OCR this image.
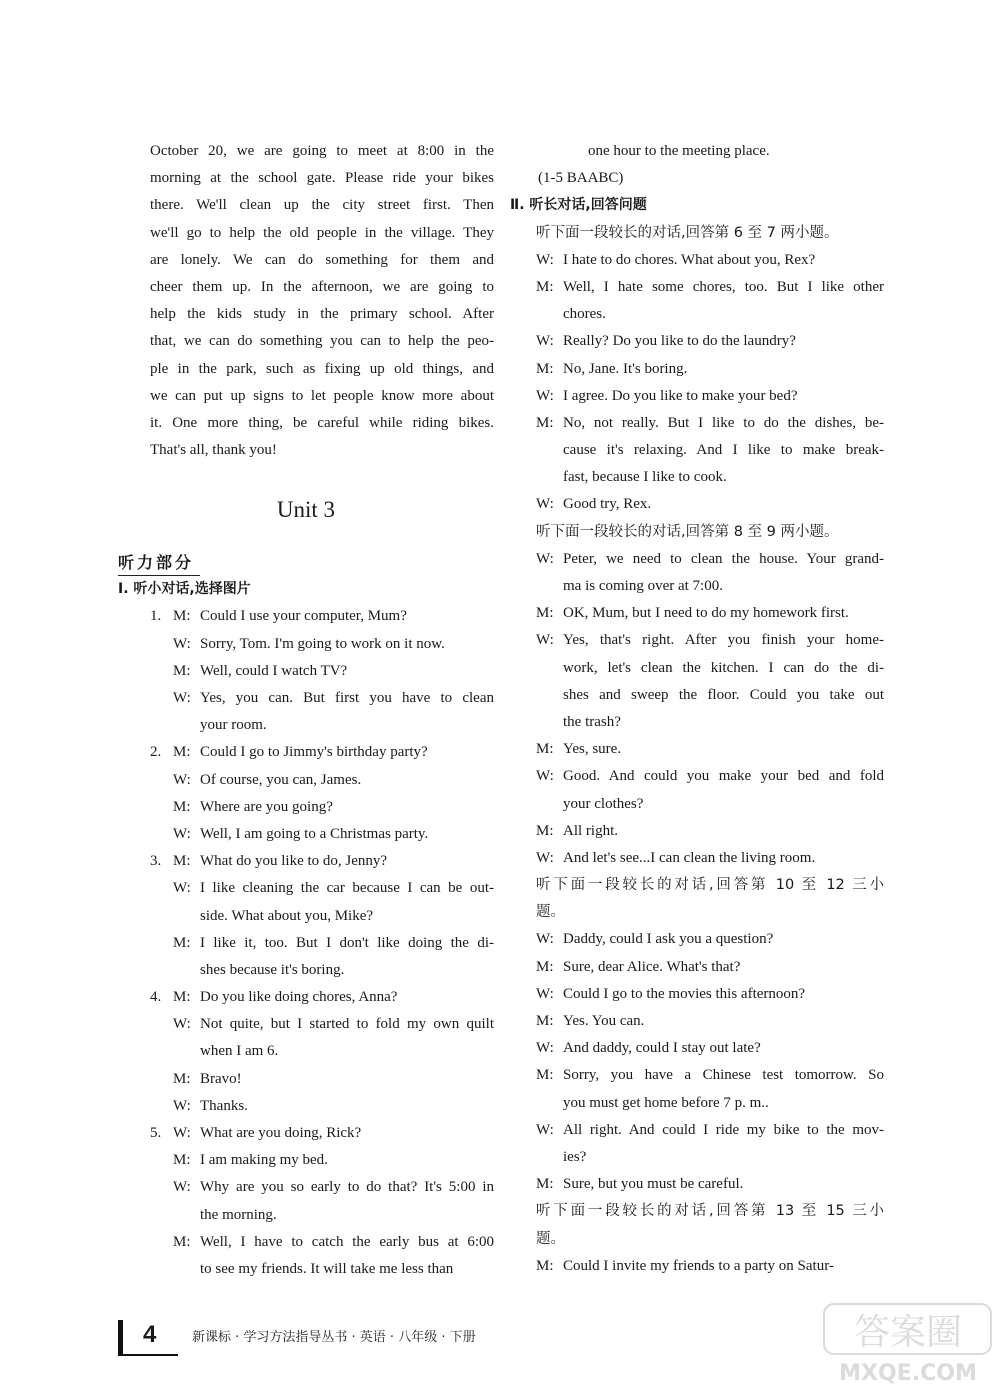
October 20, we are going to meet at 8:00 in the
morning at the school gate. Please ride your bikes
there. We'll clean up the city street first. Then
we'll go to help the old people in the village. They
are lonely. We can do something for them and
cheer them up. In the afternoon, we are going to
help the kids study in the primary school. After
that, we can do something you can to help the peo-
ple in the park, such as fixing up old things, and
we can put up signs to let people know more about
it. One more thing, be careful while riding bikes.
That's all, thank you!
Unit 3
听力部分
Ⅰ. 听小对话,选择图片
1. M: Could I use your computer, Mum?
W: Sorry, Tom. I'm going to work on it now.
M: Well, could I watch TV?
W: Yes, you can. But first you have to clean
your room.
2. M: Could I go to Jimmy's birthday party?
W: Of course, you can, James.
M: Where are you going?
W: Well, I am going to a Christmas party.
3. M: What do you like to do, Jenny?
W: I like cleaning the car because I can be out-
side. What about you, Mike?
M: I like it, too. But I don't like doing the di-
shes because it's boring.
4. M: Do you like doing chores, Anna?
W: Not quite, but I started to fold my own quilt
when I am 6.
M: Bravo!
W: Thanks.
5. W: What are you doing, Rick?
M: I am making my bed.
W: Why are you so early to do that? It's 5:00 in
the morning.
M: Well, I have to catch the early bus at 6:00
to see my friends. It will take me less than
one hour to the meeting place.
(1-5 BAABC)
Ⅱ. 听长对话,回答问题
听下面一段较长的对话,回答第 6 至 7 两小题。
W: I hate to do chores. What about you, Rex?
M: Well, I hate some chores, too. But I like other
chores.
W: Really? Do you like to do the laundry?
M: No, Jane. It's boring.
W: I agree. Do you like to make your bed?
M: No, not really. But I like to do the dishes, be-
cause it's relaxing. And I like to make break-
fast, because I like to cook.
W: Good try, Rex.
听下面一段较长的对话,回答第 8 至 9 两小题。
W: Peter, we need to clean the house. Your grand-
ma is coming over at 7:00.
M: OK, Mum, but I need to do my homework first.
W: Yes, that's right. After you finish your home-
work, let's clean the kitchen. I can do the di-
shes and sweep the floor. Could you take out
the trash?
M: Yes, sure.
W: Good. And could you make your bed and fold
your clothes?
M: All right.
W: And let's see...I can clean the living room.
听下面一段较长的对话,回答第 10 至 12 三小
题。
W: Daddy, could I ask you a question?
M: Sure, dear Alice. What's that?
W: Could I go to the movies this afternoon?
M: Yes. You can.
W: And daddy, could I stay out late?
M: Sorry, you have a Chinese test tomorrow. So
you must get home before 7 p. m..
W: All right. And could I ride my bike to the mov-
ies?
M: Sure, but you must be careful.
听下面一段较长的对话,回答第 13 至 15 三小
题。
M: Could I invite my friends to a party on Satur-
4	新课标 · 学习方法指导丛书 · 英语 · 八年级 · 下册	答案圈
MXQE.COM
